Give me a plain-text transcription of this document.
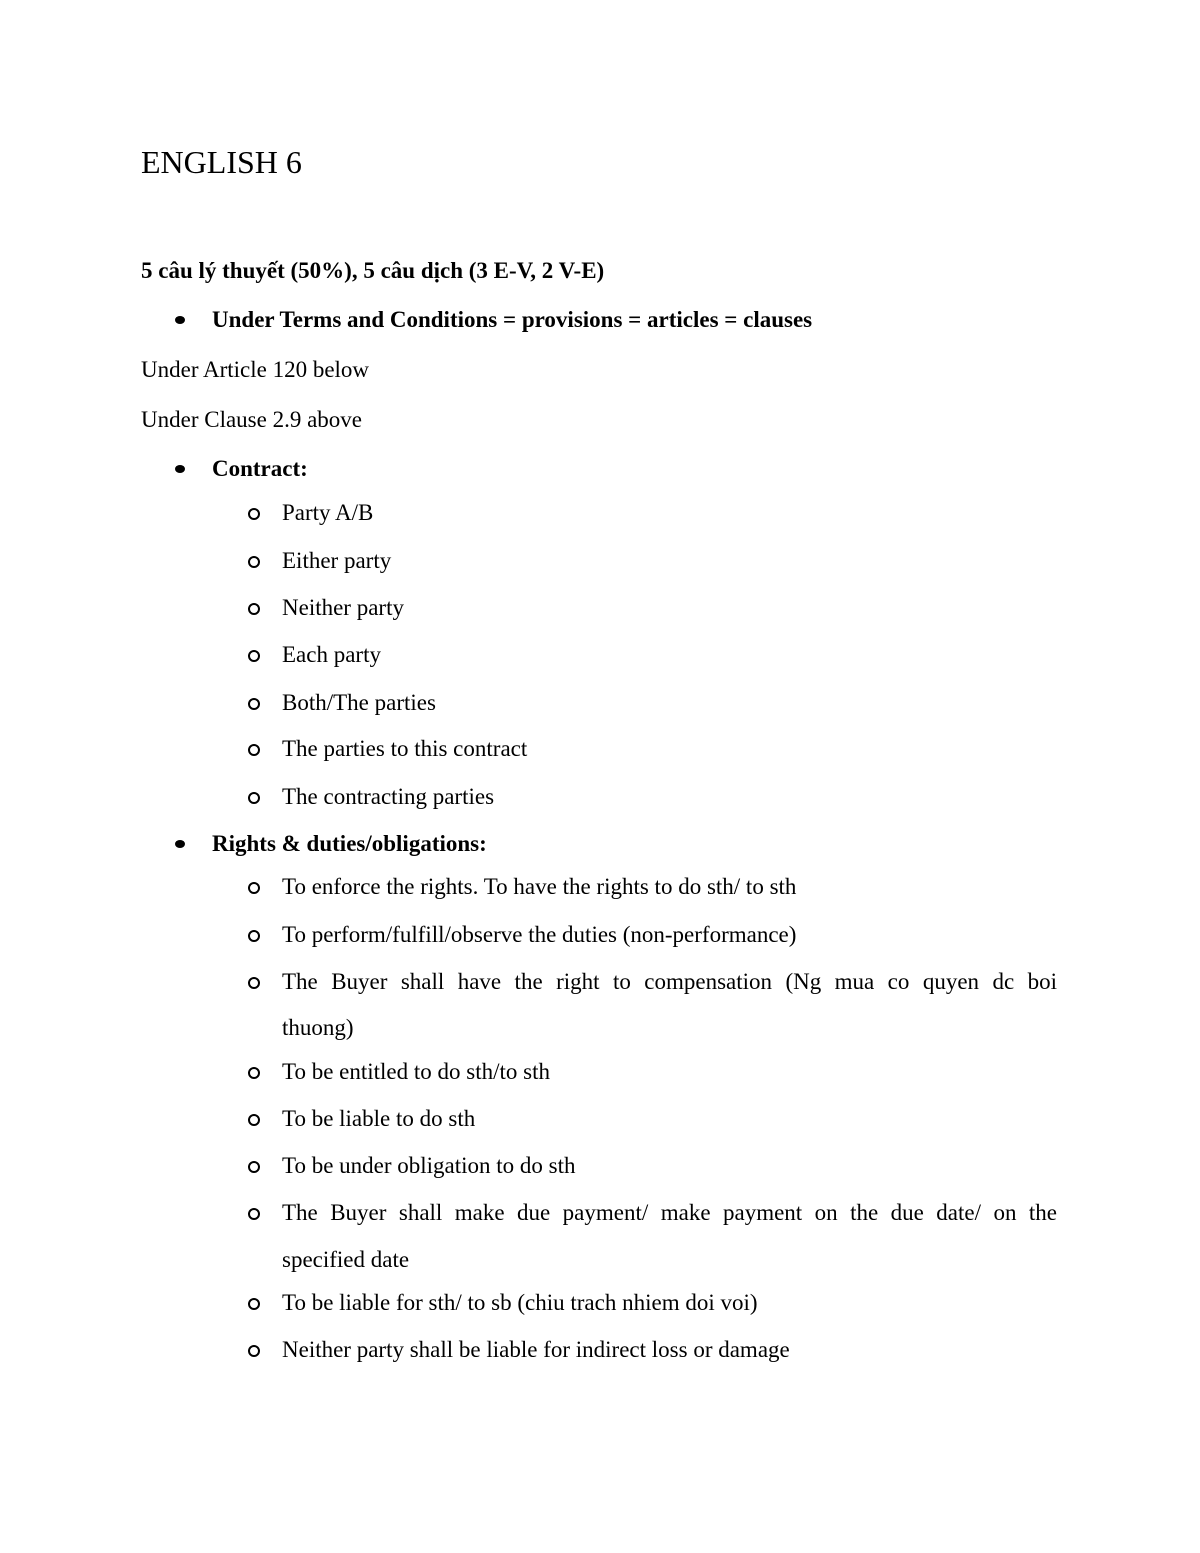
ENGLISH 6
5 câu lý thuyết (50%), 5 câu dịch (3 E-V, 2 V-E)
Under Terms and Conditions = provisions = articles = clauses
Under Article 120 below
Under Clause 2.9 above
Contract:
Party A/B
Either party
Neither party
Each party
Both/The parties
The parties to this contract
The contracting parties
Rights & duties/obligations:
To enforce the rights. To have the rights to do sth/ to sth
To perform/fulfill/observe the duties (non-performance)
The Buyer shall have the right to compensation (Ng mua co quyen dc boi
thuong)
To be entitled to do sth/to sth
To be liable to do sth
To be under obligation to do sth
The Buyer shall make due payment/ make payment on the due date/ on the
specified date
To be liable for sth/ to sb (chiu trach nhiem doi voi)
Neither party shall be liable for indirect loss or damage
